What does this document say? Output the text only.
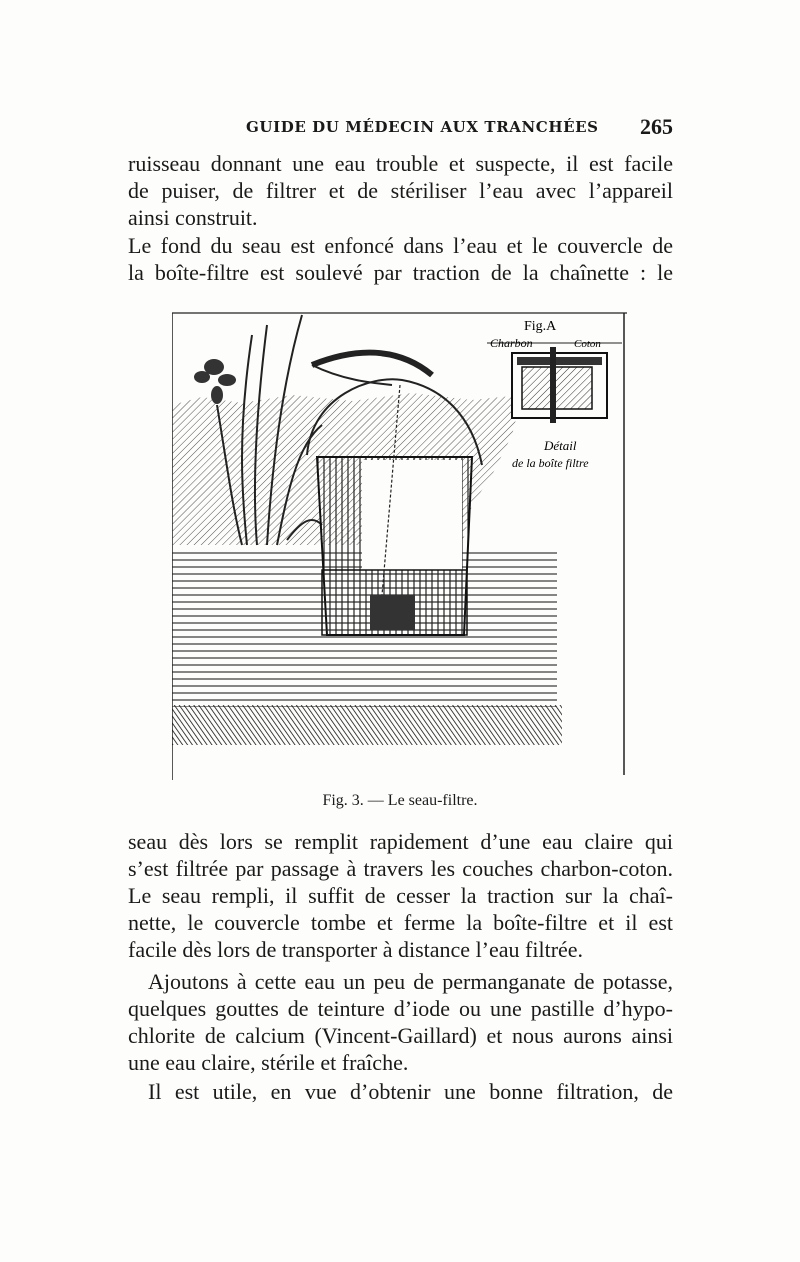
GUIDE DU MÉDECIN AUX TRANCHÉES 265
ruisseau donnant une eau trouble et suspecte, il est facile
de puiser, de filtrer et de stériliser l’eau avec l’appareil
ainsi construit.
Le fond du seau est enfoncé dans l’eau et le couvercle de
la boîte-filtre est soulevé par traction de la chaînette : le
Fig.A
Charbon	Coton
Détail
de la boîte filtre
Fig. 3. — Le seau-filtre.
seau dès lors se remplit rapidement d’une eau claire qui
s’est filtrée par passage à travers les couches charbon-coton.
Le seau rempli, il suffit de cesser la traction sur la chaî-
nette, le couvercle tombe et ferme la boîte-filtre et il est
facile dès lors de transporter à distance l’eau filtrée.
Ajoutons à cette eau un peu de permanganate de potasse,
quelques gouttes de teinture d’iode ou une pastille d’hypo-
chlorite de calcium (Vincent-Gaillard) et nous aurons ainsi
une eau claire, stérile et fraîche.
Il est utile, en vue d’obtenir une bonne filtration, de
